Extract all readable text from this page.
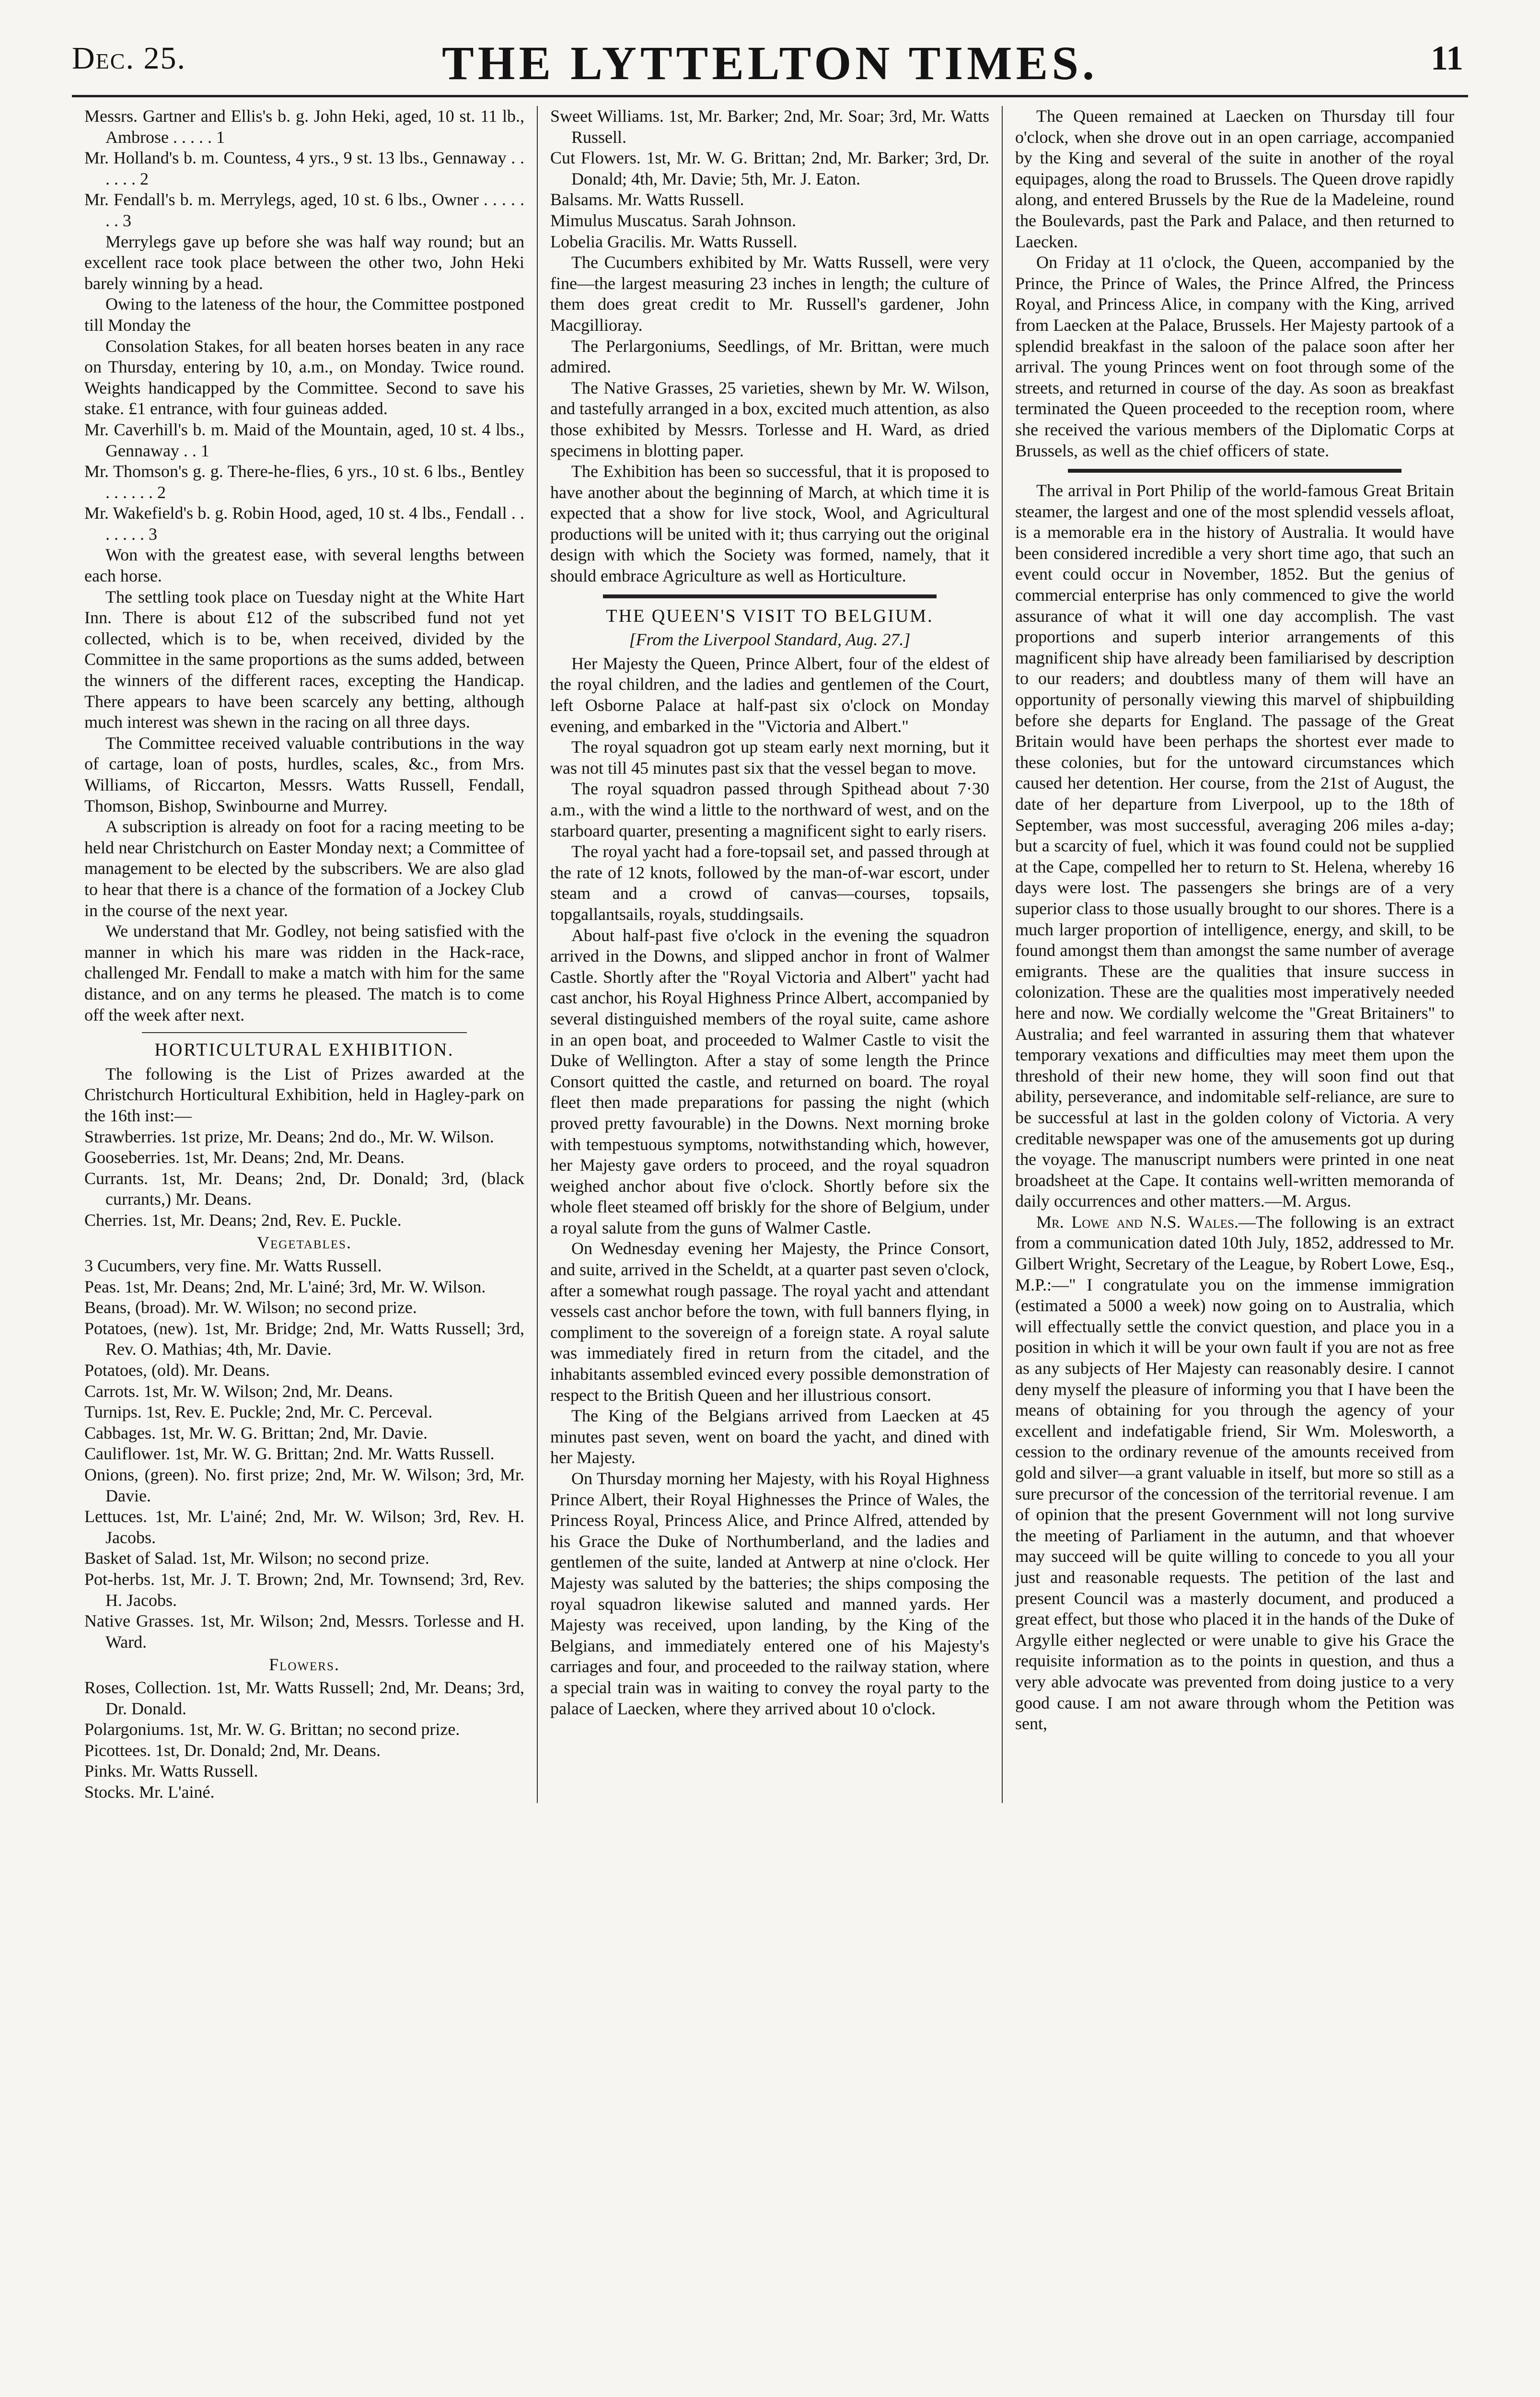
Dec. 25.	THE LYTTELTON TIMES.	11

Messrs. Gartner and Ellis's b. g. John Heki, aged, 10 st. 11 lb., Ambrose . . . . . 1

Mr. Holland's b. m. Countess, 4 yrs., 9 st. 13 lbs., Gennaway . . . . . . 2

Mr. Fendall's b. m. Merrylegs, aged, 10 st. 6 lbs., Owner . . . . . . . 3

Merrylegs gave up before she was half way round; but an excellent race took place between the other two, John Heki barely winning by a head.

Owing to the lateness of the hour, the Committee postponed till Monday the

Consolation Stakes, for all beaten horses beaten in any race on Thursday, entering by 10, a.m., on Monday. Twice round. Weights handicapped by the Committee. Second to save his stake. £1 entrance, with four guineas added.

Mr. Caverhill's b. m. Maid of the Mountain, aged, 10 st. 4 lbs., Gennaway . . 1

Mr. Thomson's g. g. There-he-flies, 6 yrs., 10 st. 6 lbs., Bentley . . . . . . 2

Mr. Wakefield's b. g. Robin Hood, aged, 10 st. 4 lbs., Fendall . . . . . . . 3

Won with the greatest ease, with several lengths between each horse.

The settling took place on Tuesday night at the White Hart Inn. There is about £12 of the subscribed fund not yet collected, which is to be, when received, divided by the Committee in the same proportions as the sums added, between the winners of the different races, excepting the Handicap. There appears to have been scarcely any betting, although much interest was shewn in the racing on all three days.

The Committee received valuable contributions in the way of cartage, loan of posts, hurdles, scales, &c., from Mrs. Williams, of Riccarton, Messrs. Watts Russell, Fendall, Thomson, Bishop, Swinbourne and Murrey.

A subscription is already on foot for a racing meeting to be held near Christchurch on Easter Monday next; a Committee of management to be elected by the subscribers. We are also glad to hear that there is a chance of the formation of a Jockey Club in the course of the next year.

We understand that Mr. Godley, not being satisfied with the manner in which his mare was ridden in the Hack-race, challenged Mr. Fendall to make a match with him for the same distance, and on any terms he pleased. The match is to come off the week after next.

HORTICULTURAL EXHIBITION.

The following is the List of Prizes awarded at the Christchurch Horticultural Exhibition, held in Hagley-park on the 16th inst:—

Strawberries. 1st prize, Mr. Deans; 2nd do., Mr. W. Wilson.

Gooseberries. 1st, Mr. Deans; 2nd, Mr. Deans.

Currants. 1st, Mr. Deans; 2nd, Dr. Donald; 3rd, (black currants,) Mr. Deans.

Cherries. 1st, Mr. Deans; 2nd, Rev. E. Puckle.

Vegetables.

3 Cucumbers, very fine. Mr. Watts Russell.

Peas. 1st, Mr. Deans; 2nd, Mr. L'ainé; 3rd, Mr. W. Wilson.

Beans, (broad). Mr. W. Wilson; no second prize.

Potatoes, (new). 1st, Mr. Bridge; 2nd, Mr. Watts Russell; 3rd, Rev. O. Mathias; 4th, Mr. Davie.

Potatoes, (old). Mr. Deans.

Carrots. 1st, Mr. W. Wilson; 2nd, Mr. Deans.

Turnips. 1st, Rev. E. Puckle; 2nd, Mr. C. Perceval.

Cabbages. 1st, Mr. W. G. Brittan; 2nd, Mr. Davie.

Cauliflower. 1st, Mr. W. G. Brittan; 2nd. Mr. Watts Russell.

Onions, (green). No. first prize; 2nd, Mr. W. Wilson; 3rd, Mr. Davie.

Lettuces. 1st, Mr. L'ainé; 2nd, Mr. W. Wilson; 3rd, Rev. H. Jacobs.

Basket of Salad. 1st, Mr. Wilson; no second prize.

Pot-herbs. 1st, Mr. J. T. Brown; 2nd, Mr. Townsend; 3rd, Rev. H. Jacobs.

Native Grasses. 1st, Mr. Wilson; 2nd, Messrs. Torlesse and H. Ward.

Flowers.

Roses, Collection. 1st, Mr. Watts Russell; 2nd, Mr. Deans; 3rd, Dr. Donald.

Polargoniums. 1st, Mr. W. G. Brittan; no second prize.

Picottees. 1st, Dr. Donald; 2nd, Mr. Deans.

Pinks. Mr. Watts Russell.

Stocks. Mr. L'ainé.

Sweet Williams. 1st, Mr. Barker; 2nd, Mr. Soar; 3rd, Mr. Watts Russell.

Cut Flowers. 1st, Mr. W. G. Brittan; 2nd, Mr. Barker; 3rd, Dr. Donald; 4th, Mr. Davie; 5th, Mr. J. Eaton.

Balsams. Mr. Watts Russell.

Mimulus Muscatus. Sarah Johnson.

Lobelia Gracilis. Mr. Watts Russell.

The Cucumbers exhibited by Mr. Watts Russell, were very fine—the largest measuring 23 inches in length; the culture of them does great credit to Mr. Russell's gardener, John Macgillioray.

The Perlargoniums, Seedlings, of Mr. Brittan, were much admired.

The Native Grasses, 25 varieties, shewn by Mr. W. Wilson, and tastefully arranged in a box, excited much attention, as also those exhibited by Messrs. Torlesse and H. Ward, as dried specimens in blotting paper.

The Exhibition has been so successful, that it is proposed to have another about the beginning of March, at which time it is expected that a show for live stock, Wool, and Agricultural productions will be united with it; thus carrying out the original design with which the Society was formed, namely, that it should embrace Agriculture as well as Horticulture.

THE QUEEN'S VISIT TO BELGIUM.
[From the Liverpool Standard, Aug. 27.]

Her Majesty the Queen, Prince Albert, four of the eldest of the royal children, and the ladies and gentlemen of the Court, left Osborne Palace at half-past six o'clock on Monday evening, and embarked in the "Victoria and Albert."

The royal squadron got up steam early next morning, but it was not till 45 minutes past six that the vessel began to move.

The royal squadron passed through Spithead about 7·30 a.m., with the wind a little to the northward of west, and on the starboard quarter, presenting a magnificent sight to early risers.

The royal yacht had a fore-topsail set, and passed through at the rate of 12 knots, followed by the man-of-war escort, under steam and a crowd of canvas—courses, topsails, topgallantsails, royals, studdingsails.

About half-past five o'clock in the evening the squadron arrived in the Downs, and slipped anchor in front of Walmer Castle. Shortly after the "Royal Victoria and Albert" yacht had cast anchor, his Royal Highness Prince Albert, accompanied by several distinguished members of the royal suite, came ashore in an open boat, and proceeded to Walmer Castle to visit the Duke of Wellington. After a stay of some length the Prince Consort quitted the castle, and returned on board. The royal fleet then made preparations for passing the night (which proved pretty favourable) in the Downs. Next morning broke with tempestuous symptoms, notwithstanding which, however, her Majesty gave orders to proceed, and the royal squadron weighed anchor about five o'clock. Shortly before six the whole fleet steamed off briskly for the shore of Belgium, under a royal salute from the guns of Walmer Castle.

On Wednesday evening her Majesty, the Prince Consort, and suite, arrived in the Scheldt, at a quarter past seven o'clock, after a somewhat rough passage. The royal yacht and attendant vessels cast anchor before the town, with full banners flying, in compliment to the sovereign of a foreign state. A royal salute was immediately fired in return from the citadel, and the inhabitants assembled evinced every possible demonstration of respect to the British Queen and her illustrious consort.

The King of the Belgians arrived from Laecken at 45 minutes past seven, went on board the yacht, and dined with her Majesty.

On Thursday morning her Majesty, with his Royal Highness Prince Albert, their Royal Highnesses the Prince of Wales, the Princess Royal, Princess Alice, and Prince Alfred, attended by his Grace the Duke of Northumberland, and the ladies and gentlemen of the suite, landed at Antwerp at nine o'clock. Her Majesty was saluted by the batteries; the ships composing the royal squadron likewise saluted and manned yards. Her Majesty was received, upon landing, by the King of the Belgians, and immediately entered one of his Majesty's carriages and four, and proceeded to the railway station, where a special train was in waiting to convey the royal party to the palace of Laecken, where they arrived about 10 o'clock.

The Queen remained at Laecken on Thursday till four o'clock, when she drove out in an open carriage, accompanied by the King and several of the suite in another of the royal equipages, along the road to Brussels. The Queen drove rapidly along, and entered Brussels by the Rue de la Madeleine, round the Boulevards, past the Park and Palace, and then returned to Laecken.

On Friday at 11 o'clock, the Queen, accompanied by the Prince, the Prince of Wales, the Prince Alfred, the Princess Royal, and Princess Alice, in company with the King, arrived from Laecken at the Palace, Brussels. Her Majesty partook of a splendid breakfast in the saloon of the palace soon after her arrival. The young Princes went on foot through some of the streets, and returned in course of the day. As soon as breakfast terminated the Queen proceeded to the reception room, where she received the various members of the Diplomatic Corps at Brussels, as well as the chief officers of state.

The arrival in Port Philip of the world-famous Great Britain steamer, the largest and one of the most splendid vessels afloat, is a memorable era in the history of Australia. It would have been considered incredible a very short time ago, that such an event could occur in November, 1852. But the genius of commercial enterprise has only commenced to give the world assurance of what it will one day accomplish. The vast proportions and superb interior arrangements of this magnificent ship have already been familiarised by description to our readers; and doubtless many of them will have an opportunity of personally viewing this marvel of shipbuilding before she departs for England. The passage of the Great Britain would have been perhaps the shortest ever made to these colonies, but for the untoward circumstances which caused her detention. Her course, from the 21st of August, the date of her departure from Liverpool, up to the 18th of September, was most successful, averaging 206 miles a-day; but a scarcity of fuel, which it was found could not be supplied at the Cape, compelled her to return to St. Helena, whereby 16 days were lost. The passengers she brings are of a very superior class to those usually brought to our shores. There is a much larger proportion of intelligence, energy, and skill, to be found amongst them than amongst the same number of average emigrants. These are the qualities that insure success in colonization. These are the qualities most imperatively needed here and now. We cordially welcome the "Great Britainers" to Australia; and feel warranted in assuring them that whatever temporary vexations and difficulties may meet them upon the threshold of their new home, they will soon find out that ability, perseverance, and indomitable self-reliance, are sure to be successful at last in the golden colony of Victoria. A very creditable newspaper was one of the amusements got up during the voyage. The manuscript numbers were printed in one neat broadsheet at the Cape. It contains well-written memoranda of daily occurrences and other matters.—M. Argus.

Mr. Lowe and N.S. Wales.—The following is an extract from a communication dated 10th July, 1852, addressed to Mr. Gilbert Wright, Secretary of the League, by Robert Lowe, Esq., M.P.:—" I congratulate you on the immense immigration (estimated a 5000 a week) now going on to Australia, which will effectually settle the convict question, and place you in a position in which it will be your own fault if you are not as free as any subjects of Her Majesty can reasonably desire. I cannot deny myself the pleasure of informing you that I have been the means of obtaining for you through the agency of your excellent and indefatigable friend, Sir Wm. Molesworth, a cession to the ordinary revenue of the amounts received from gold and silver—a grant valuable in itself, but more so still as a sure precursor of the concession of the territorial revenue. I am of opinion that the present Government will not long survive the meeting of Parliament in the autumn, and that whoever may succeed will be quite willing to concede to you all your just and reasonable requests. The petition of the last and present Council was a masterly document, and produced a great effect, but those who placed it in the hands of the Duke of Argylle either neglected or were unable to give his Grace the requisite information as to the points in question, and thus a very able advocate was prevented from doing justice to a very good cause. I am not aware through whom the Petition was sent,
